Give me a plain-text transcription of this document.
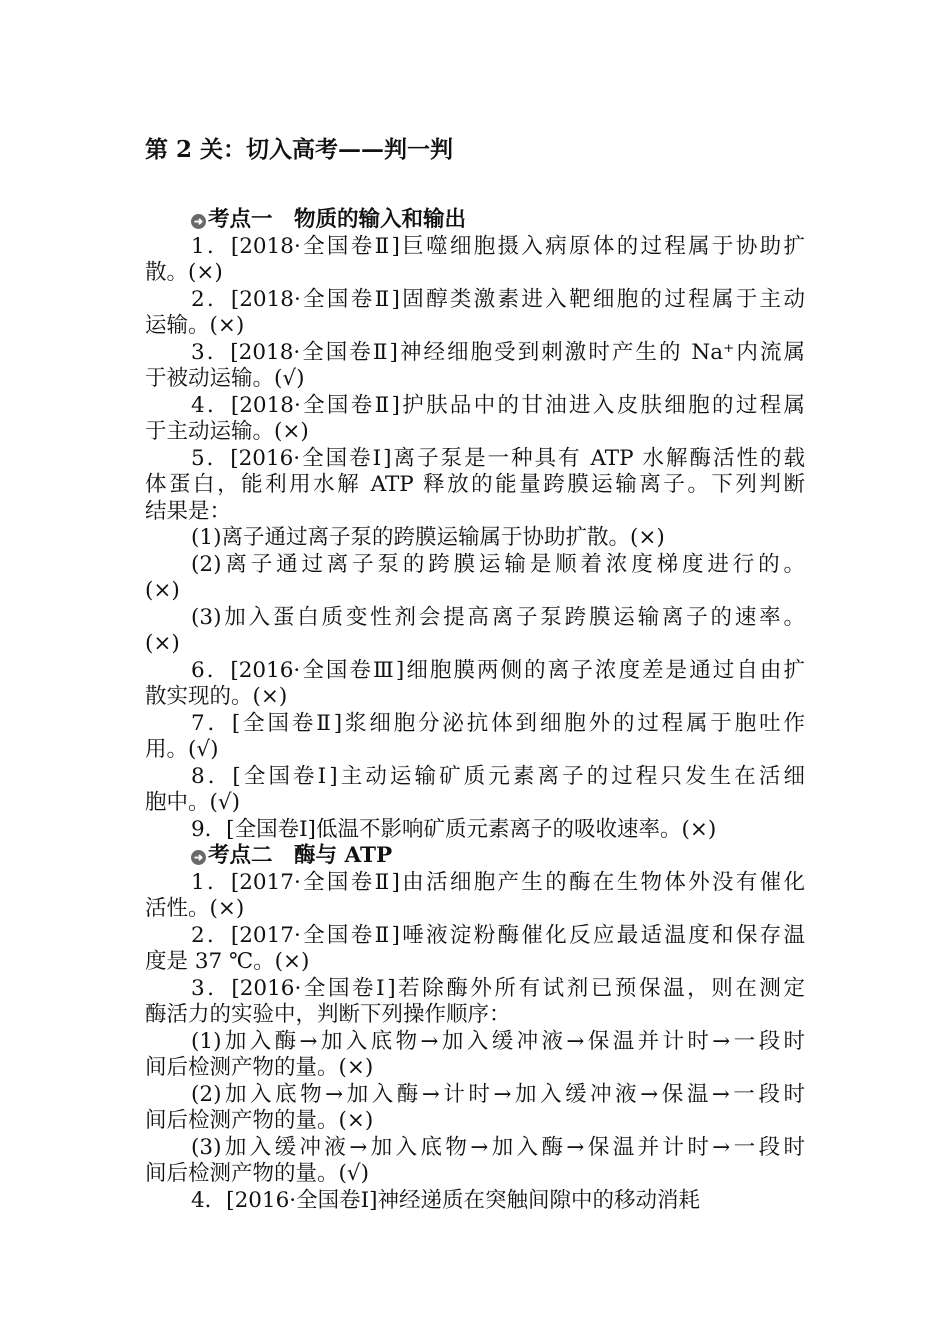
第 2 关：切入高考——判一判
➜ 考点一　物质的输入和输出
1．[2018·全国卷Ⅱ]巨噬细胞摄入病原体的过程属于协助扩
散。(×)
2．[2018·全国卷Ⅱ]固醇类激素进入靶细胞的过程属于主动
运输。(×)
3．[2018·全国卷Ⅱ]神经细胞受到刺激时产生的 Na⁺内流属
于被动运输。(√)
4．[2018·全国卷Ⅱ]护肤品中的甘油进入皮肤细胞的过程属
于主动运输。(×)
5．[2016·全国卷Ⅰ]离子泵是一种具有 ATP 水解酶活性的载
体蛋白，能利用水解 ATP 释放的能量跨膜运输离子。下列判断
结果是：
(1)离子通过离子泵的跨膜运输属于协助扩散。(×)
(2)离子通过离子泵的跨膜运输是顺着浓度梯度进行的。
(×)
(3)加入蛋白质变性剂会提高离子泵跨膜运输离子的速率。
(×)
6．[2016·全国卷Ⅲ]细胞膜两侧的离子浓度差是通过自由扩
散实现的。(×)
7．[全国卷Ⅱ]浆细胞分泌抗体到细胞外的过程属于胞吐作
用。(√)
8．[全国卷Ⅰ]主动运输矿质元素离子的过程只发生在活细
胞中。(√)
9．[全国卷Ⅰ]低温不影响矿质元素离子的吸收速率。(×)
➜ 考点二　酶与 ATP
1．[2017·全国卷Ⅱ]由活细胞产生的酶在生物体外没有催化
活性。(×)
2．[2017·全国卷Ⅱ]唾液淀粉酶催化反应最适温度和保存温
度是 37 ℃。(×)
3．[2016·全国卷Ⅰ]若除酶外所有试剂已预保温，则在测定
酶活力的实验中，判断下列操作顺序：
(1)加入酶→加入底物→加入缓冲液→保温并计时→一段时
间后检测产物的量。(×)
(2)加入底物→加入酶→计时→加入缓冲液→保温→一段时
间后检测产物的量。(×)
(3)加入缓冲液→加入底物→加入酶→保温并计时→一段时
间后检测产物的量。(√)
4．[2016·全国卷Ⅰ]神经递质在突触间隙中的移动消耗
